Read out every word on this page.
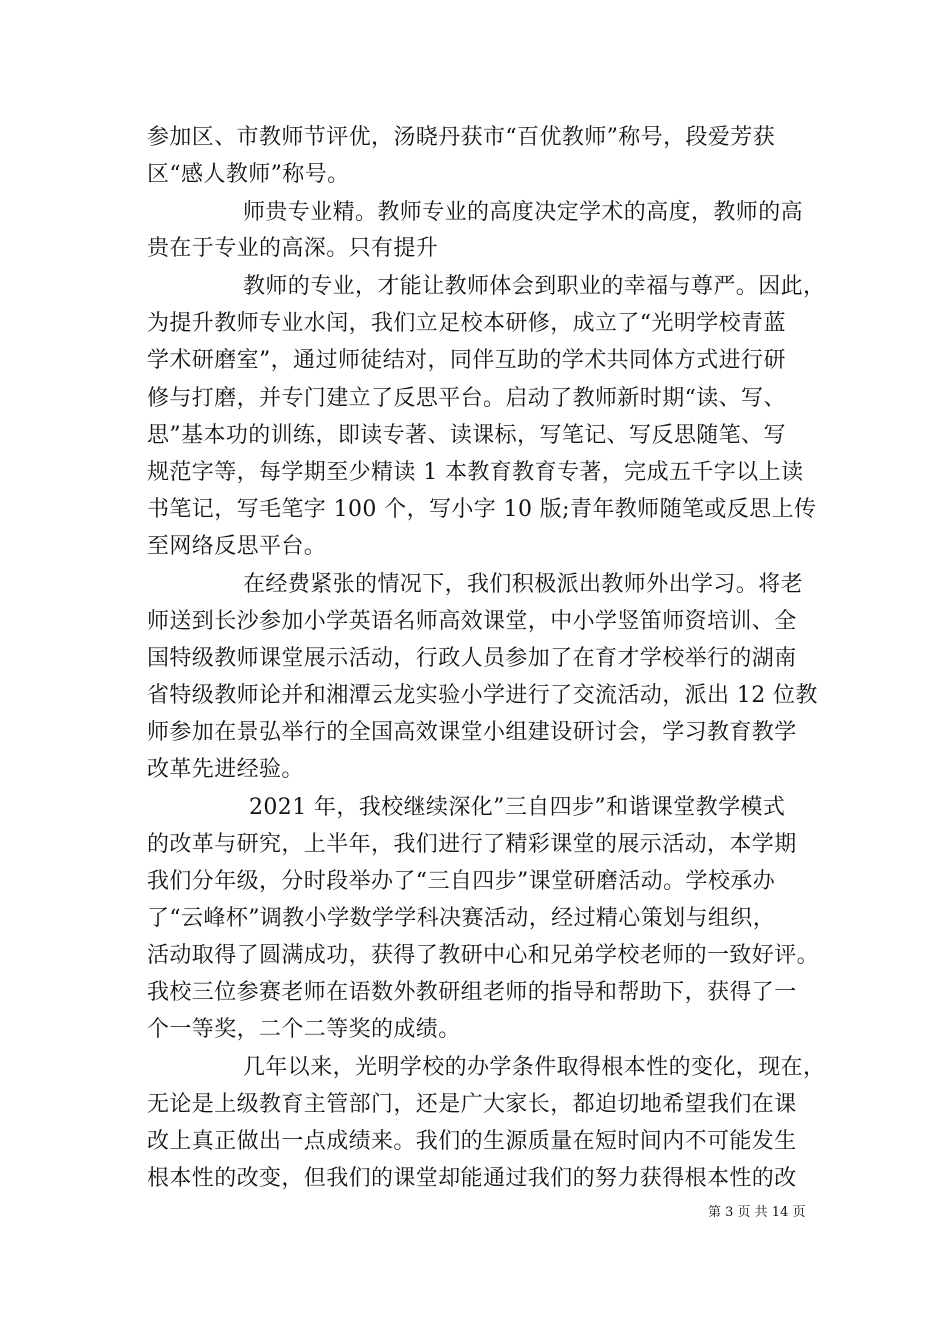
参加区、市教师节评优，汤晓丹获市“百优教师”称号，段爱芳获
区“感人教师”称号。
师贵专业精。教师专业的高度决定学术的高度，教师的高
贵在于专业的高深。只有提升
教师的专业，才能让教师体会到职业的幸福与尊严。因此，
为提升教师专业水闰，我们立足校本研修，成立了“光明学校青蓝
学术研磨室”，通过师徒结对，同伴互助的学术共同体方式进行研
修与打磨，并专门建立了反思平台。启动了教师新时期“读、写、
思”基本功的训练，即读专著、读课标，写笔记、写反思随笔、写
规范字等，每学期至少精读 1 本教育教育专著，完成五千字以上读
书笔记，写毛笔字 100 个，写小字 10 版;青年教师随笔或反思上传
至网络反思平台。
在经费紧张的情况下，我们积极派出教师外出学习。将老
师送到长沙参加小学英语名师高效课堂，中小学竖笛师资培训、全
国特级教师课堂展示活动，行政人员参加了在育才学校举行的湖南
省特级教师论并和湘潭云龙实验小学进行了交流活动，派出 12 位教
师参加在景弘举行的全国高效课堂小组建设研讨会，学习教育教学
改革先进经验。
2021 年，我校继续深化”三自四步”和谐课堂教学模式
的改革与研究，上半年，我们进行了精彩课堂的展示活动，本学期
我们分年级，分时段举办了“三自四步”课堂研磨活动。学校承办
了“云峰杯”调教小学数学学科决赛活动，经过精心策划与组织，
活动取得了圆满成功，获得了教研中心和兄弟学校老师的一致好评。
我校三位参赛老师在语数外教研组老师的指导和帮助下，获得了一
个一等奖，二个二等奖的成绩。
几年以来，光明学校的办学条件取得根本性的变化，现在，
无论是上级教育主管部门，还是广大家长，都迫切地希望我们在课
改上真正做出一点成绩来。我们的生源质量在短时间内不可能发生
根本性的改变，但我们的课堂却能通过我们的努力获得根本性的改
第 3 页 共 14 页
